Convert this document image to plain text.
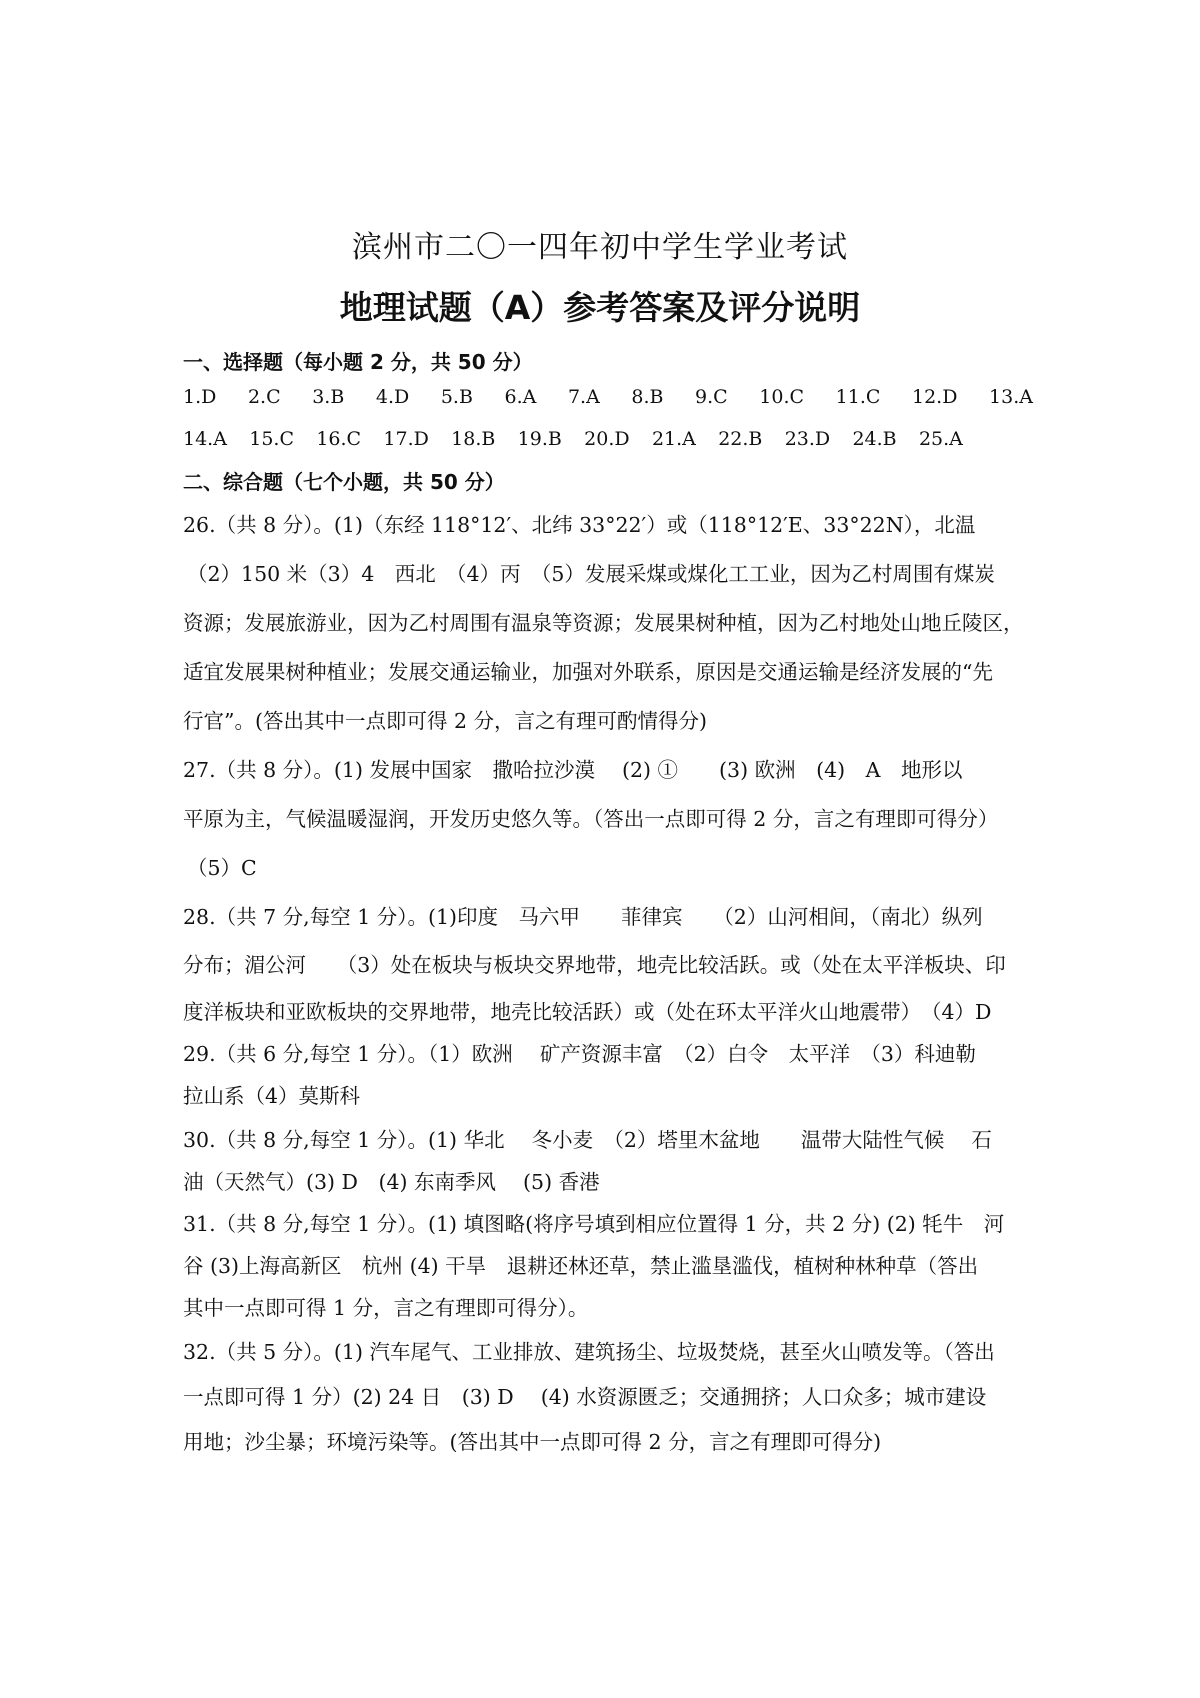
滨州市二〇一四年初中学生学业考试
地理试题（A）参考答案及评分说明
一、选择题（每小题 2 分，共 50 分）
1.D 2.C 3.B 4.D 5.B 6.A 7.A 8.B 9.C 10.C 11.C 12.D 13.A
14.A 15.C 16.C 17.D 18.B 19.B 20.D 21.A 22.B 23.D 24.B 25.A
二、综合题（七个小题，共 50 分）
26.（共 8 分）。(1)（东经 118°12′、北纬 33°22′）或（118°12′E、33°22N），北温
（2）150 米（3）4　西北　（4）丙　（5）发展采煤或煤化工工业，因为乙村周围有煤炭
资源；发展旅游业，因为乙村周围有温泉等资源；发展果树种植，因为乙村地处山地丘陵区，
适宜发展果树种植业；发展交通运输业，加强对外联系，原因是交通运输是经济发展的“先
行官”。(答出其中一点即可得 2 分，言之有理可酌情得分)
27.（共 8 分）。(1) 发展中国家　撒哈拉沙漠　 (2) ①　　(3) 欧洲　(4)　A　地形以
平原为主，气候温暖湿润，开发历史悠久等。（答出一点即可得 2 分，言之有理即可得分）
（5）C
28.（共 7 分,每空 1 分）。(1)印度　马六甲　　菲律宾　　（2）山河相间，（南北）纵列
分布；湄公河　　（3）处在板块与板块交界地带，地壳比较活跃。或（处在太平洋板块、印
度洋板块和亚欧板块的交界地带，地壳比较活跃）或（处在环太平洋火山地震带）　（4）D
29.（共 6 分,每空 1 分）。（1）欧洲　 矿产资源丰富　（2）白令　太平洋　（3）科迪勒
拉山系（4）莫斯科
30.（共 8 分,每空 1 分）。(1) 华北　 冬小麦　（2）塔里木盆地　　温带大陆性气候　 石
油（天然气）(3) D　(4) 东南季风　 (5) 香港
31.（共 8 分,每空 1 分）。(1) 填图略(将序号填到相应位置得 1 分，共 2 分) (2) 牦牛　河
谷 (3)上海高新区　杭州 (4) 干旱　退耕还林还草，禁止滥垦滥伐，植树种林种草（答出
其中一点即可得 1 分，言之有理即可得分）。
32.（共 5 分）。(1) 汽车尾气、工业排放、建筑扬尘、垃圾焚烧，甚至火山喷发等。（答出
一点即可得 1 分）(2) 24 日　(3) D　 (4) 水资源匮乏；交通拥挤；人口众多；城市建设
用地；沙尘暴；环境污染等。(答出其中一点即可得 2 分，言之有理即可得分)
